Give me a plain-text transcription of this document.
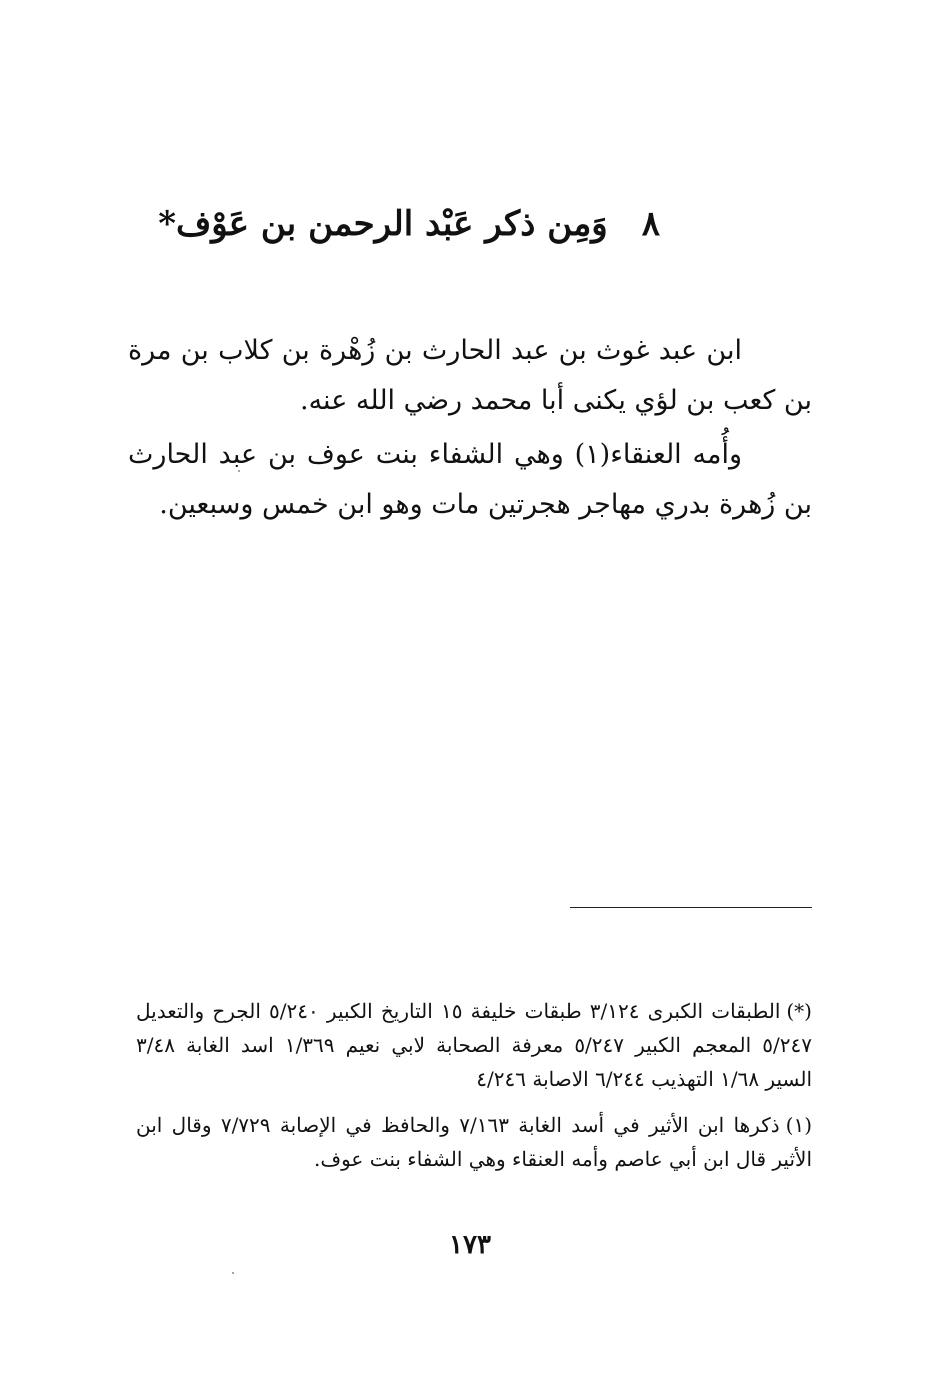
٨وَمِن ذكر عَبْد الرحمن بن عَوْف*

ابن عبد غوث بن عبد الحارث بن زُهْرة بن كلاب بن مرة بن كعب بن لؤي يكنى أبا محمد رضي الله عنه.

وأُمه العنقاء(١) وهي الشفاء بنت عوف بن عبد الحارث بن زُهرة بدري مهاجر هجرتين مات وهو ابن خمس وسبعين.

(*)الطبقات الكبرى ٣/١٢٤ طبقات خليفة ١٥ التاريخ الكبير ٥/٢٤٠ الجرح والتعديل ٥/٢٤٧ المعجم الكبير ٥/٢٤٧ معرفة الصحابة لابي نعيم ١/٣٦٩ اسد الغابة ٣/٤٨ السير ١/٦٨ التهذيب ٦/٢٤٤ الاصابة ٤/٢٤٦

(١)ذكرها ابن الأثير في أسد الغابة ٧/١٦٣ والحافظ في الإصابة ٧/٧٢٩ وقال ابن الأثير قال ابن أبي عاصم وأمه العنقاء وهي الشفاء بنت عوف.

١٧٣
